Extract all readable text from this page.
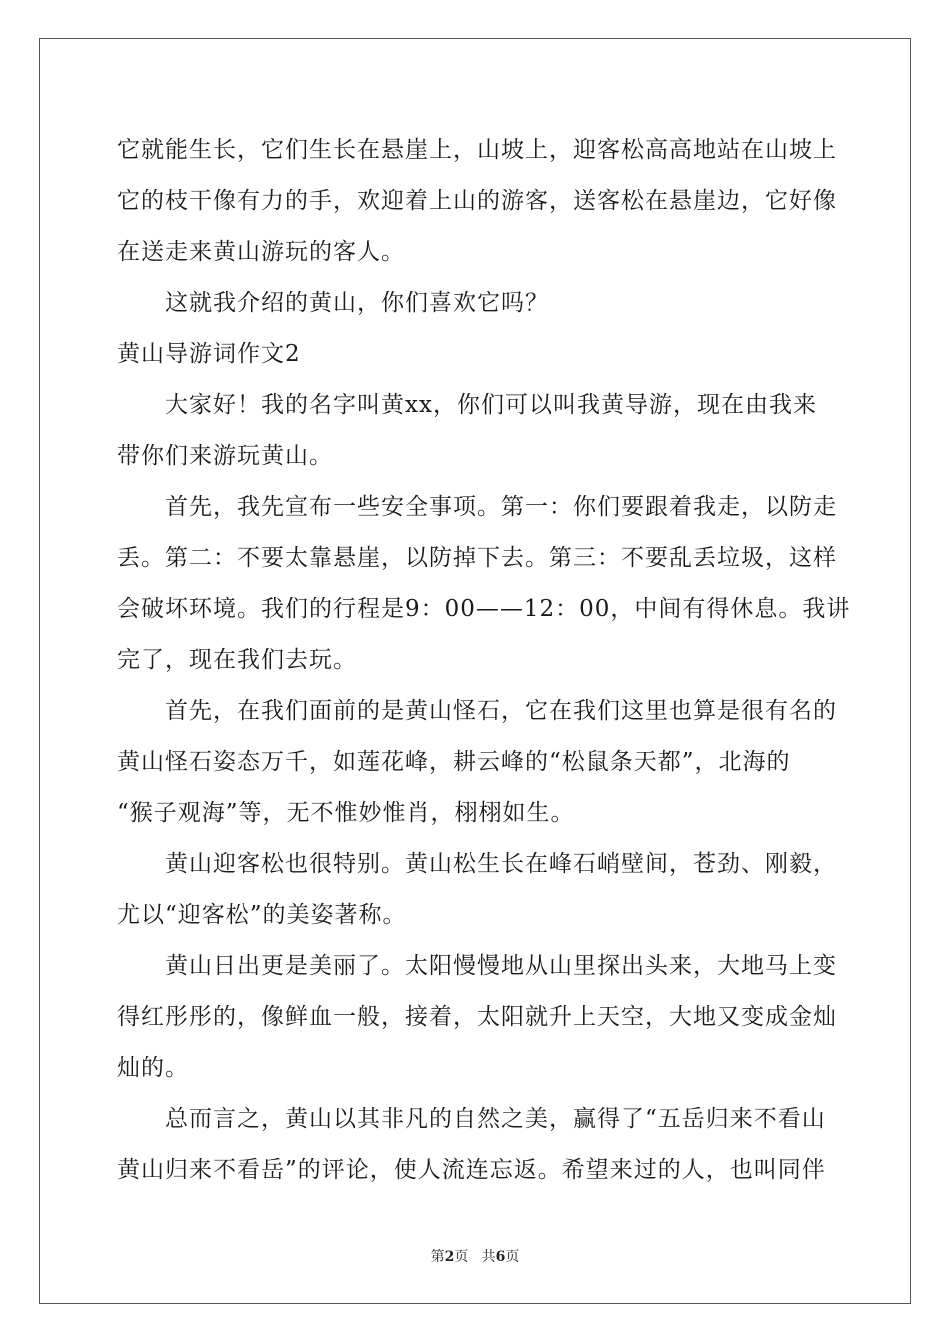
它就能生长，它们生长在悬崖上，山坡上，迎客松高高地站在山坡上
它的枝干像有力的手，欢迎着上山的游客，送客松在悬崖边，它好像
在送走来黄山游玩的客人。
这就我介绍的黄山，你们喜欢它吗？
黄山导游词作文2
大家好！我的名字叫黄xx，你们可以叫我黄导游，现在由我来
带你们来游玩黄山。
首先，我先宣布一些安全事项。第一：你们要跟着我走，以防走
丢。第二：不要太靠悬崖，以防掉下去。第三：不要乱丢垃圾，这样
会破坏环境。我们的行程是9：00——12：00，中间有得休息。我讲
完了，现在我们去玩。
首先，在我们面前的是黄山怪石，它在我们这里也算是很有名的
黄山怪石姿态万千，如莲花峰，耕云峰的“松鼠条天都”，北海的
“猴子观海”等，无不惟妙惟肖，栩栩如生。
黄山迎客松也很特别。黄山松生长在峰石峭壁间，苍劲、刚毅，
尤以“迎客松”的美姿著称。
黄山日出更是美丽了。太阳慢慢地从山里探出头来，大地马上变
得红彤彤的，像鲜血一般，接着，太阳就升上天空，大地又变成金灿
灿的。
总而言之，黄山以其非凡的自然之美，赢得了“五岳归来不看山
黄山归来不看岳”的评论，使人流连忘返。希望来过的人，也叫同伴
第2页 共6页
